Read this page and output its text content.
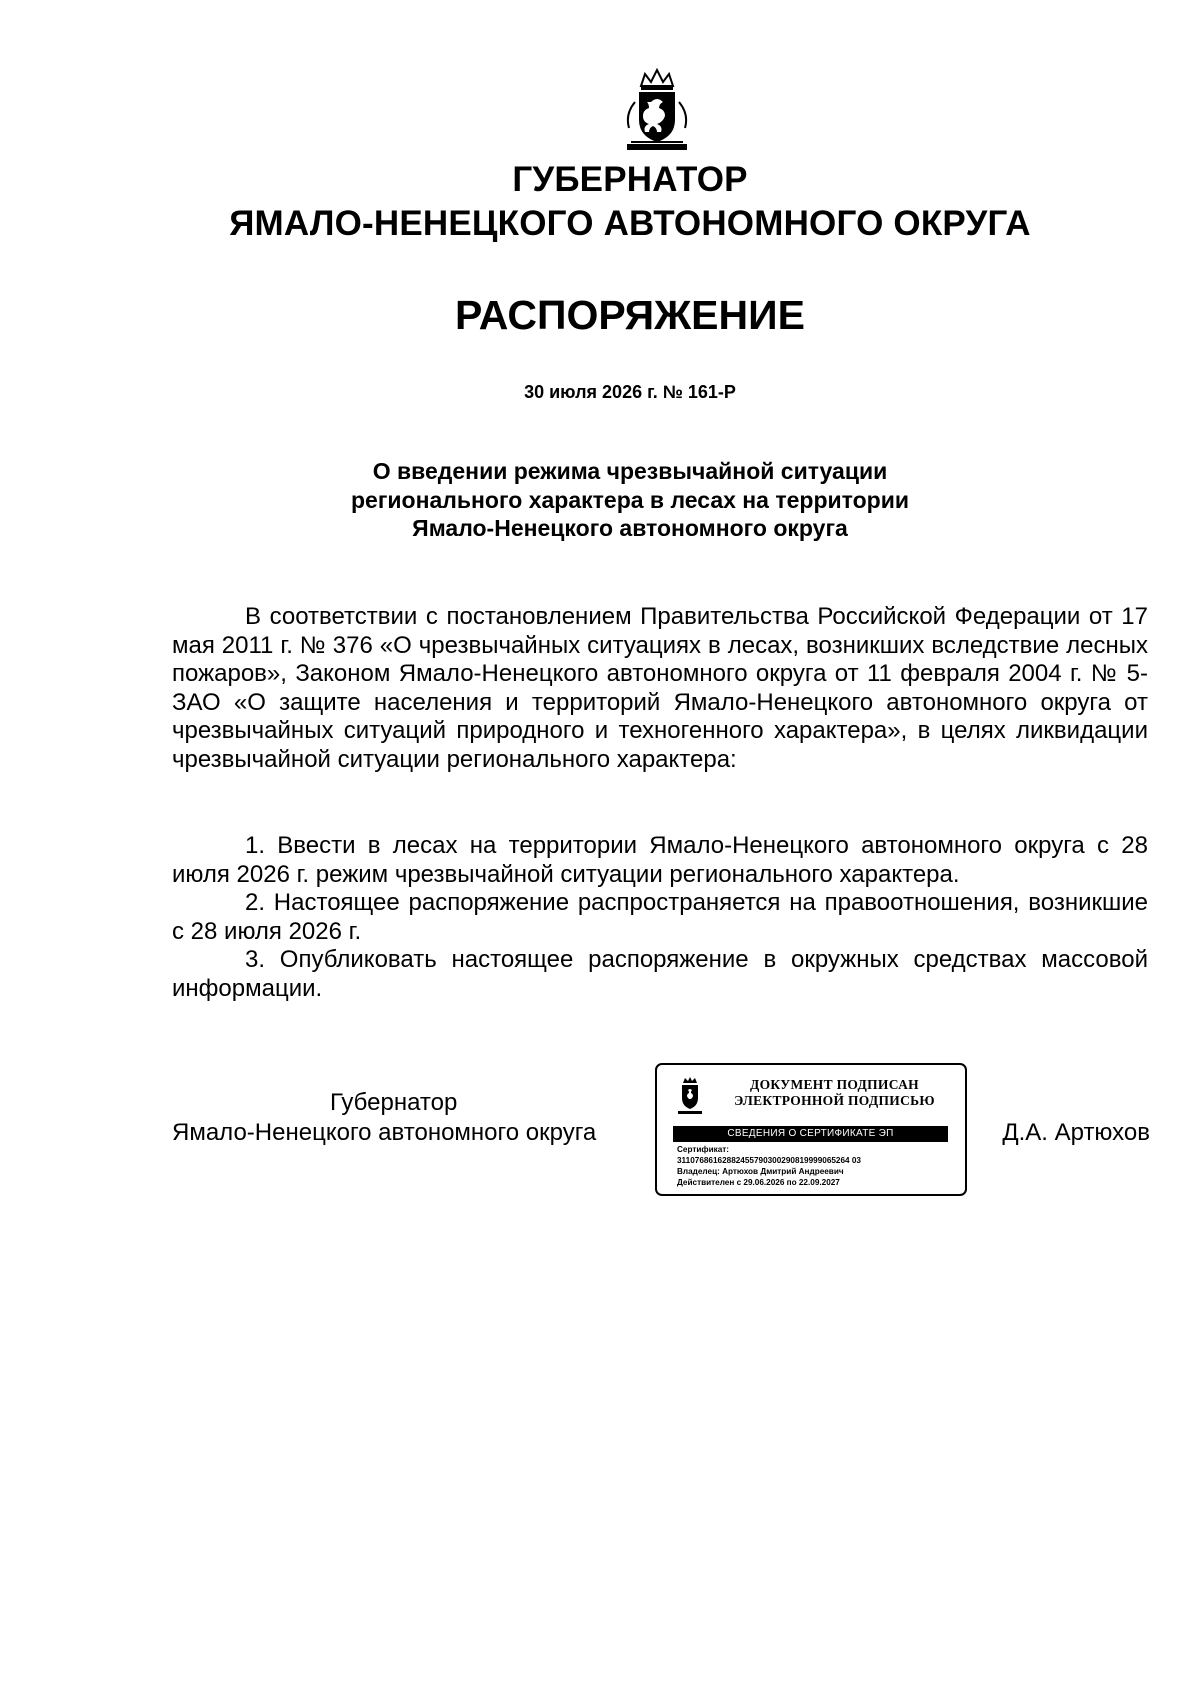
ГУБЕРНАТОР
ЯМАЛО-НЕНЕЦКОГО АВТОНОМНОГО ОКРУГА
РАСПОРЯЖЕНИЕ
30 июля 2026 г. № 161-Р
О введении режима чрезвычайной ситуации
регионального характера в лесах на территории
Ямало-Ненецкого автономного округа

В соответствии с постановлением Правительства Российской Федерации от 17 мая 2011 г. № 376 «О чрезвычайных ситуациях в лесах, возникших вследствие лесных пожаров», Законом Ямало-Ненецкого автономного округа от 11 февраля 2004 г. № 5-ЗАО «О защите населения и территорий Ямало-Ненецкого автономного округа от чрезвычайных ситуаций природного и техногенного характера», в целях ликвидации чрезвычайной ситуации регионального характера:

1. Ввести в лесах на территории Ямало-Ненецкого автономного округа с 28 июля 2026 г. режим чрезвычайной ситуации регионального характера.

2. Настоящее распоряжение распространяется на правоотношения, возникшие с 28 июля 2026 г.

3. Опубликовать настоящее распоряжение в окружных средствах массовой информации.

Губернатор
Ямало-Ненецкого автономного округа
ДОКУМЕНТ ПОДПИСАН
ЭЛЕКТРОННОЙ ПОДПИСЬЮ
СВЕДЕНИЯ О СЕРТИФИКАТЕ ЭП
Сертификат:
31107686162882455790300290819999065264 03
Владелец: Артюхов Дмитрий Андреевич
Действителен с 29.06.2026 по 22.09.2027
Д.А. Артюхов
